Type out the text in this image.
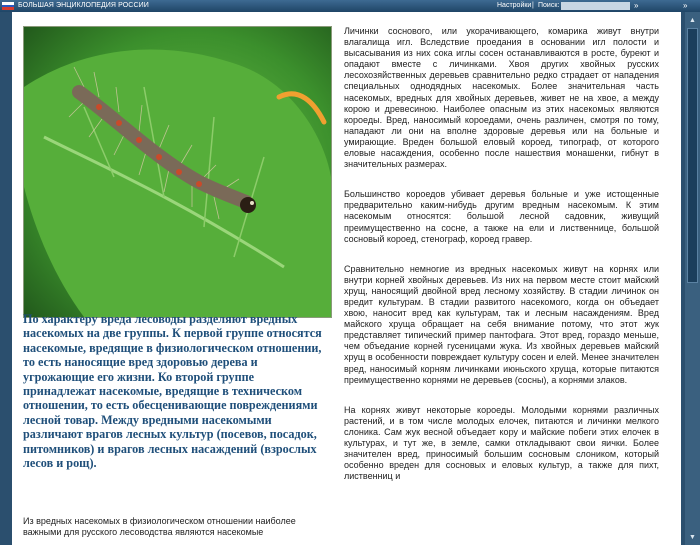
БОЛЬШАЯ ЭНЦИКЛОПЕДИЯ РОССИИ	Настройки | Поиск:	»	»
По характеру вреда лесоводы разделяют вредных насекомых на две группы. К первой группе относятся насекомые, вредящие в физиологическом отношении, то есть наносящие вред здоровью дерева и угрожающие его жизни. Ко второй группе принадлежат насекомые, вредящие в техническом отношении, то есть обесценивающие повреждениями лесной товар. Между вредными насекомыми различают врагов лесных культур (посевов, посадок, питомников) и врагов лесных насаждений (взрослых лесов и рощ).
Из вредных насекомых в физиологическом отношении наиболее важными для русского лесоводства являются насекомые

Личинки соснового, или укорачивающего, комарика живут внутри влагалища игл. Вследствие проедания в основании игл полости и высасывания из них сока иглы сосен останавливаются в росте, буреют и опадают вместе с личинками. Хвоя других хвойных русских лесохозяйственных деревьев сравнительно редко страдает от нападения специальных однодядных насекомых. Более значительная часть насекомых, вредных для хвойных деревьев, живет не на хвое, а между корою и древесиною. Наиболее опасным из этих насекомых являются короеды. Вред, наносимый короедами, очень различен, смотря по тому, нападают ли они на вполне здоровые деревья или на больные и умирающие. Вреден большой еловый короед, типограф, от которого еловые насаждения, особенно после нашествия монашенки, гибнут в значительных размерах.

Большинство короедов убивает деревья больные и уже истощенные предварительно каким-нибудь другим вредным насекомым. К этим насекомым относятся: большой лесной садовник, живущий преимущественно на сосне, а также на ели и лиственнице, большой сосновый короед, стенограф, короед гравер.

Сравнительно немногие из вредных насекомых живут на корнях или внутри корней хвойных деревьев. Из них на первом месте стоит майский хрущ, наносящий двойной вред лесному хозяйству. В стадии личинок он вредит культурам. В стадии развитого насекомого, когда он объедает хвою, наносит вред как культурам, так и лесным насаждениям. Вред майского хруща обращает на себя внимание потому, что этот жук представляет типический пример пантофага. Этот вред, гораздо меньше, чем объедание корней гусеницами жука. Из хвойных деревьев майский хрущ в особенности повреждает культуру сосен и елей. Менее значителен вред, наносимый корням личинками июньского хруща, которые питаются преимущественно корнями не деревьев (сосны), а корнями злаков.

На корнях живут некоторые короеды. Молодыми корнями различных растений, и в том числе молодых елочек, питаются и личинки мелкого слоника. Сам жук весной объедает кору и майские побеги этих елочек в культурах, и тут же, в земле, самки откладывают свои яички. Более значителен вред, приносимый большим сосновым слоником, который особенно вреден для сосновых и еловых культур, а также для пихт, лиственниц и

▲
▼
